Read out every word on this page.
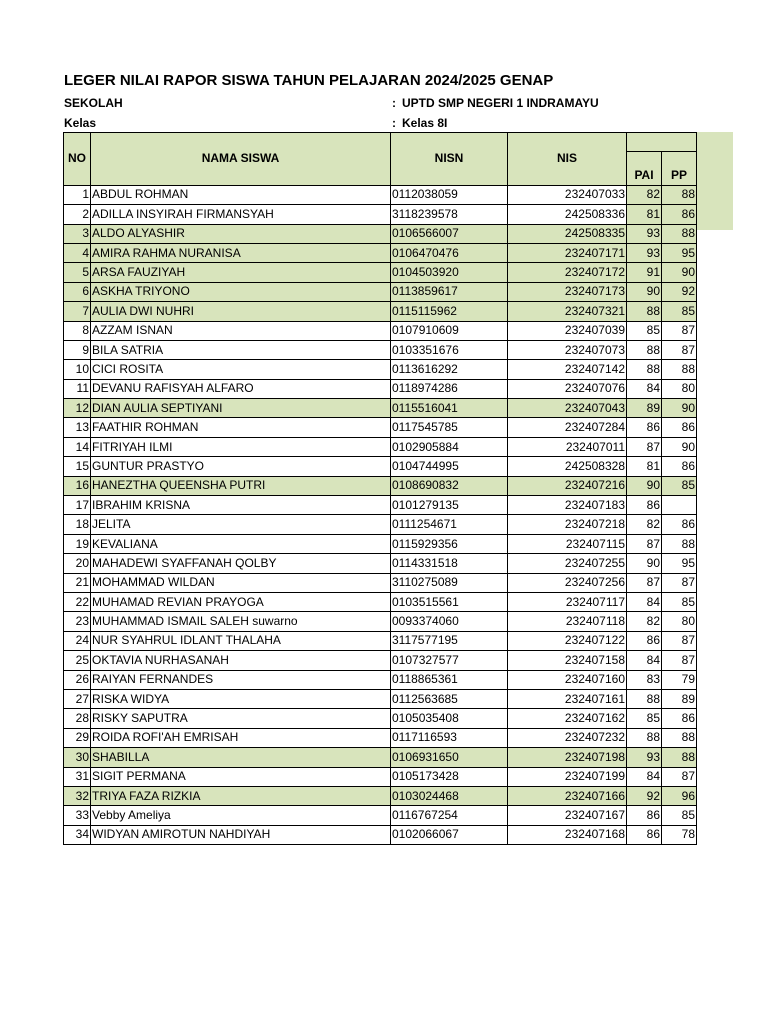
LEGER NILAI RAPOR SISWA TAHUN PELAJARAN 2024/2025 GENAP
SEKOLAH	: UPTD SMP NEGERI 1 INDRAMAYU
Kelas	: Kelas 8I
NO	NAMA SISWA	NISN	NIS		
				PAI	PP
1	ABDUL ROHMAN	0112038059	232407033	82	88
2	ADILLA INSYIRAH FIRMANSYAH	3118239578	242508336	81	86
3	ALDO ALYASHIR	0106566007	242508335	93	88
4	AMIRA RAHMA NURANISA	0106470476	232407171	93	95
5	ARSA FAUZIYAH	0104503920	232407172	91	90
6	ASKHA TRIYONO	0113859617	232407173	90	92
7	AULIA DWI NUHRI	0115115962	232407321	88	85
8	AZZAM ISNAN	0107910609	232407039	85	87
9	BILA SATRIA	0103351676	232407073	88	87
10	CICI ROSITA	0113616292	232407142	88	88
11	DEVANU RAFISYAH ALFARO	0118974286	232407076	84	80
12	DIAN AULIA SEPTIYANI	0115516041	232407043	89	90
13	FAATHIR ROHMAN	0117545785	232407284	86	86
14	FITRIYAH ILMI	0102905884	232407011	87	90
15	GUNTUR PRASTYO	0104744995	242508328	81	86
16	HANEZTHA QUEENSHA PUTRI	0108690832	232407216	90	85
17	IBRAHIM KRISNA	0101279135	232407183	86	
18	JELITA	0111254671	232407218	82	86
19	KEVALIANA	0115929356	232407115	87	88
20	MAHADEWI SYAFFANAH QOLBY	0114331518	232407255	90	95
21	MOHAMMAD WILDAN	3110275089	232407256	87	87
22	MUHAMAD REVIAN PRAYOGA	0103515561	232407117	84	85
23	MUHAMMAD ISMAIL SALEH suwarno	0093374060	232407118	82	80
24	NUR SYAHRUL IDLANT THALAHA	3117577195	232407122	86	87
25	OKTAVIA NURHASANAH	0107327577	232407158	84	87
26	RAIYAN FERNANDES	0118865361	232407160	83	79
27	RISKA WIDYA	0112563685	232407161	88	89
28	RISKY SAPUTRA	0105035408	232407162	85	86
29	ROIDA ROFI'AH EMRISAH	0117116593	232407232	88	88
30	SHABILLA	0106931650	232407198	93	88
31	SIGIT PERMANA	0105173428	232407199	84	87
32	TRIYA FAZA RIZKIA	0103024468	232407166	92	96
33	Vebby Ameliya	0116767254	232407167	86	85
34	WIDYAN AMIROTUN NAHDIYAH	0102066067	232407168	86	78
